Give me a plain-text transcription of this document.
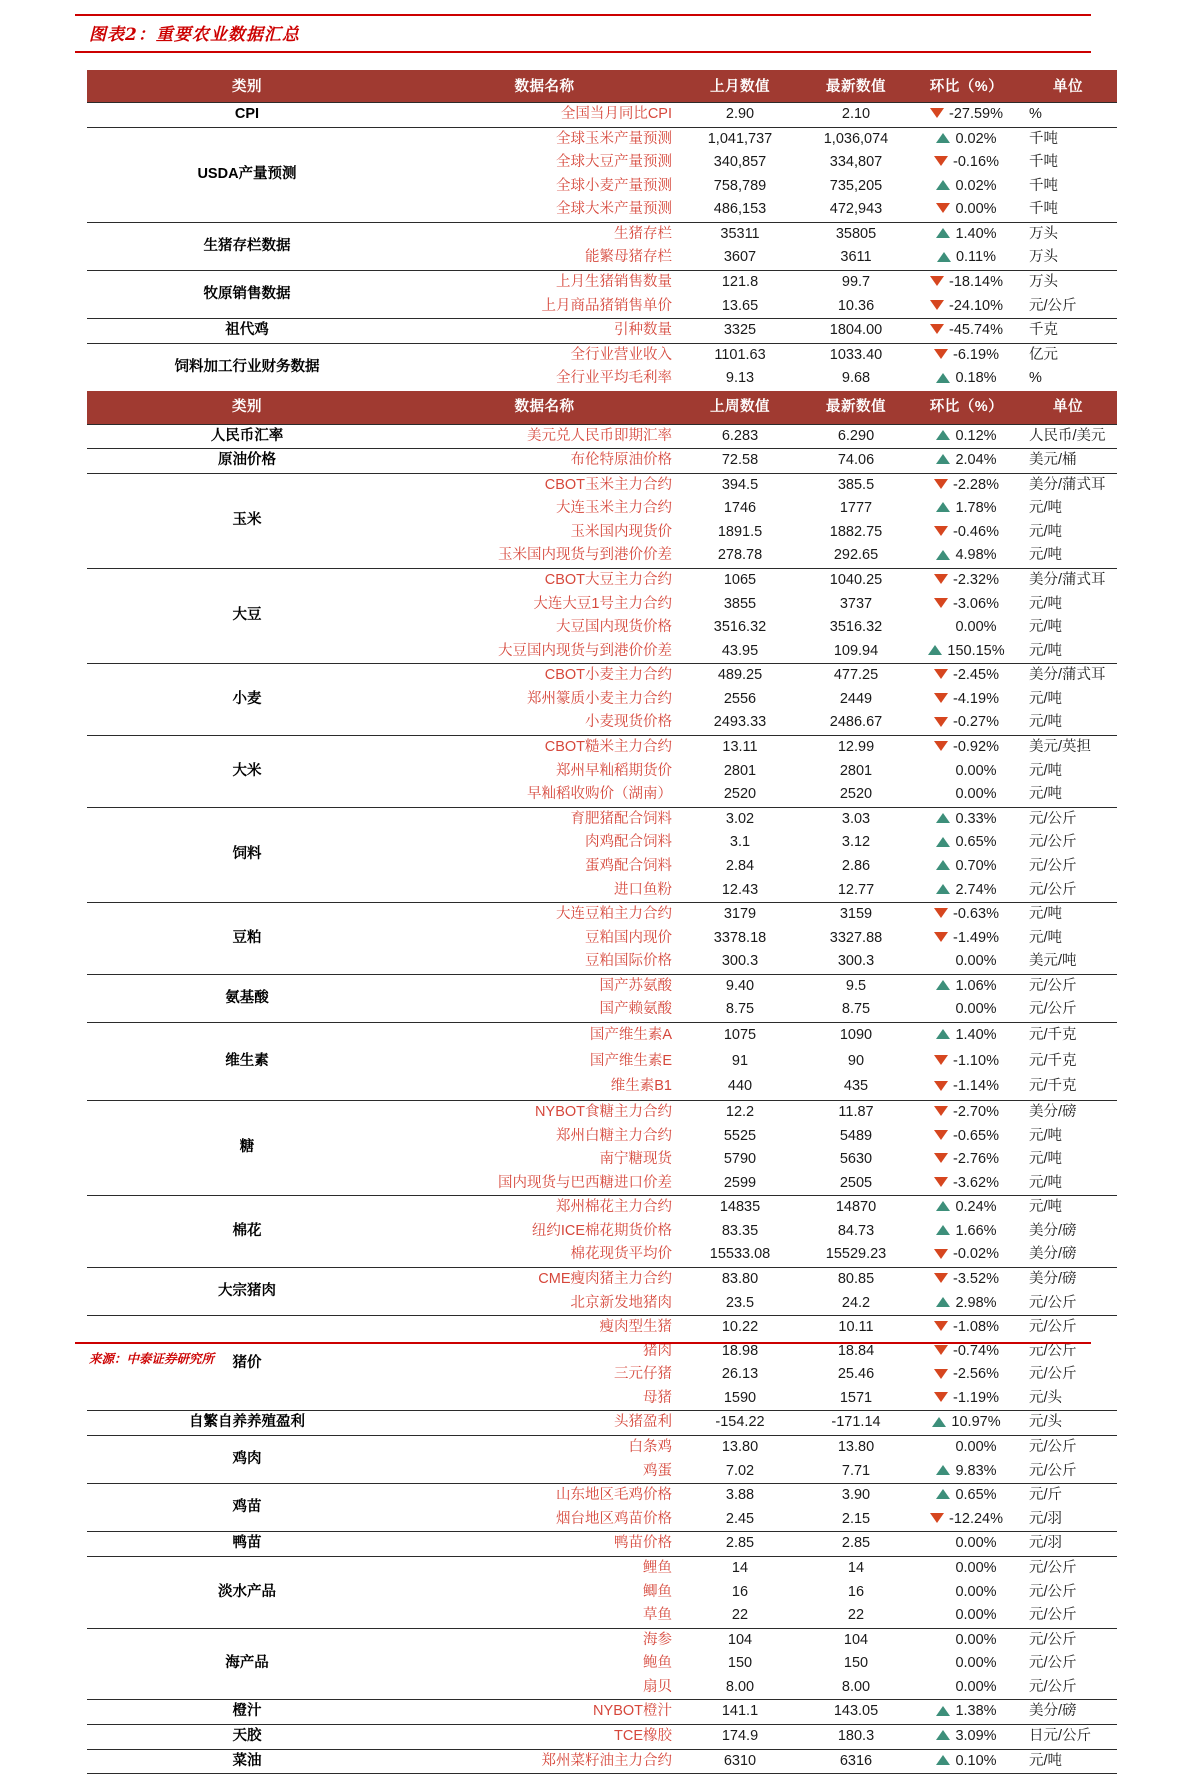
图表2：重要农业数据汇总
类别	数据名称	上月数值	最新数值	环比（%）	单位
CPI	全国当月同比CPI	2.90	2.10	-27.59%	%
USDA产量预测	全球玉米产量预测	1,041,737	1,036,074	0.02%	千吨
	全球大豆产量预测	340,857	334,807	-0.16%	千吨
	全球小麦产量预测	758,789	735,205	0.02%	千吨
	全球大米产量预测	486,153	472,943	0.00%	千吨
生猪存栏数据	生猪存栏	35311	35805	1.40%	万头
	能繁母猪存栏	3607	3611	0.11%	万头
牧原销售数据	上月生猪销售数量	121.8	99.7	-18.14%	万头
	上月商品猪销售单价	13.65	10.36	-24.10%	元/公斤
祖代鸡	引种数量	3325	1804.00	-45.74%	千克
饲料加工行业财务数据	全行业营业收入	1101.63	1033.40	-6.19%	亿元
	全行业平均毛利率	9.13	9.68	0.18%	%
类别	数据名称	上周数值	最新数值	环比（%）	单位
人民币汇率	美元兑人民币即期汇率	6.283	6.290	0.12%	人民币/美元
原油价格	布伦特原油价格	72.58	74.06	2.04%	美元/桶
玉米	CBOT玉米主力合约	394.5	385.5	-2.28%	美分/蒲式耳
	大连玉米主力合约	1746	1777	1.78%	元/吨
	玉米国内现货价	1891.5	1882.75	-0.46%	元/吨
	玉米国内现货与到港价价差	278.78	292.65	4.98%	元/吨
大豆	CBOT大豆主力合约	1065	1040.25	-2.32%	美分/蒲式耳
	大连大豆1号主力合约	3855	3737	-3.06%	元/吨
	大豆国内现货价格	3516.32	3516.32	0.00%	元/吨
	大豆国内现货与到港价价差	43.95	109.94	150.15%	元/吨
小麦	CBOT小麦主力合约	489.25	477.25	-2.45%	美分/蒲式耳
	郑州籇质小麦主力合约	2556	2449	-4.19%	元/吨
	小麦现货价格	2493.33	2486.67	-0.27%	元/吨
大米	CBOT糙米主力合约	13.11	12.99	-0.92%	美元/英担
	郑州早籼稻期货价	2801	2801	0.00%	元/吨
	早籼稻收购价（湖南）	2520	2520	0.00%	元/吨
饲料	育肥猪配合饲料	3.02	3.03	0.33%	元/公斤
	肉鸡配合饲料	3.1	3.12	0.65%	元/公斤
	蛋鸡配合饲料	2.84	2.86	0.70%	元/公斤
	进口鱼粉	12.43	12.77	2.74%	元/公斤
豆粕	大连豆粕主力合约	3179	3159	-0.63%	元/吨
	豆粕国内现价	3378.18	3327.88	-1.49%	元/吨
	豆粕国际价格	300.3	300.3	0.00%	美元/吨
氨基酸	国产苏氨酸	9.40	9.5	1.06%	元/公斤
	国产赖氨酸	8.75	8.75	0.00%	元/公斤
维生素	国产维生素A	1075	1090	1.40%	元/千克
	国产维生素E	91	90	-1.10%	元/千克
	维生素B1	440	435	-1.14%	元/千克
糖	NYBOT食糖主力合约	12.2	11.87	-2.70%	美分/磅
	郑州白糖主力合约	5525	5489	-0.65%	元/吨
	南宁糖现货	5790	5630	-2.76%	元/吨
	国内现货与巴西糖进口价差	2599	2505	-3.62%	元/吨
棉花	郑州棉花主力合约	14835	14870	0.24%	元/吨
	纽约ICE棉花期货价格	83.35	84.73	1.66%	美分/磅
	棉花现货平均价	15533.08	15529.23	-0.02%	美分/磅
大宗猪肉	CME瘦肉猪主力合约	83.80	80.85	-3.52%	美分/磅
	北京新发地猪肉	23.5	24.2	2.98%	元/公斤
猪价	瘦肉型生猪	10.22	10.11	-1.08%	元/公斤
	猪肉	18.98	18.84	-0.74%	元/公斤
	三元仔猪	26.13	25.46	-2.56%	元/公斤
	母猪	1590	1571	-1.19%	元/头
自繁自养养殖盈利	头猪盈利	-154.22	-171.14	10.97%	元/头
鸡肉	白条鸡	13.80	13.80	0.00%	元/公斤
	鸡蛋	7.02	7.71	9.83%	元/公斤
鸡苗	山东地区毛鸡价格	3.88	3.90	0.65%	元/斤
	烟台地区鸡苗价格	2.45	2.15	-12.24%	元/羽
鸭苗	鸭苗价格	2.85	2.85	0.00%	元/羽
淡水产品	鲤鱼	14	14	0.00%	元/公斤
	鲫鱼	16	16	0.00%	元/公斤
	草鱼	22	22	0.00%	元/公斤
海产品	海参	104	104	0.00%	元/公斤
	鲍鱼	150	150	0.00%	元/公斤
	扇贝	8.00	8.00	0.00%	元/公斤
橙汁	NYBOT橙汁	141.1	143.05	1.38%	美分/磅
天胶	TCE橡胶	174.9	180.3	3.09%	日元/公斤
菜油	郑州菜籽油主力合约	6310	6316	0.10%	元/吨
来源：中泰证券研究所
